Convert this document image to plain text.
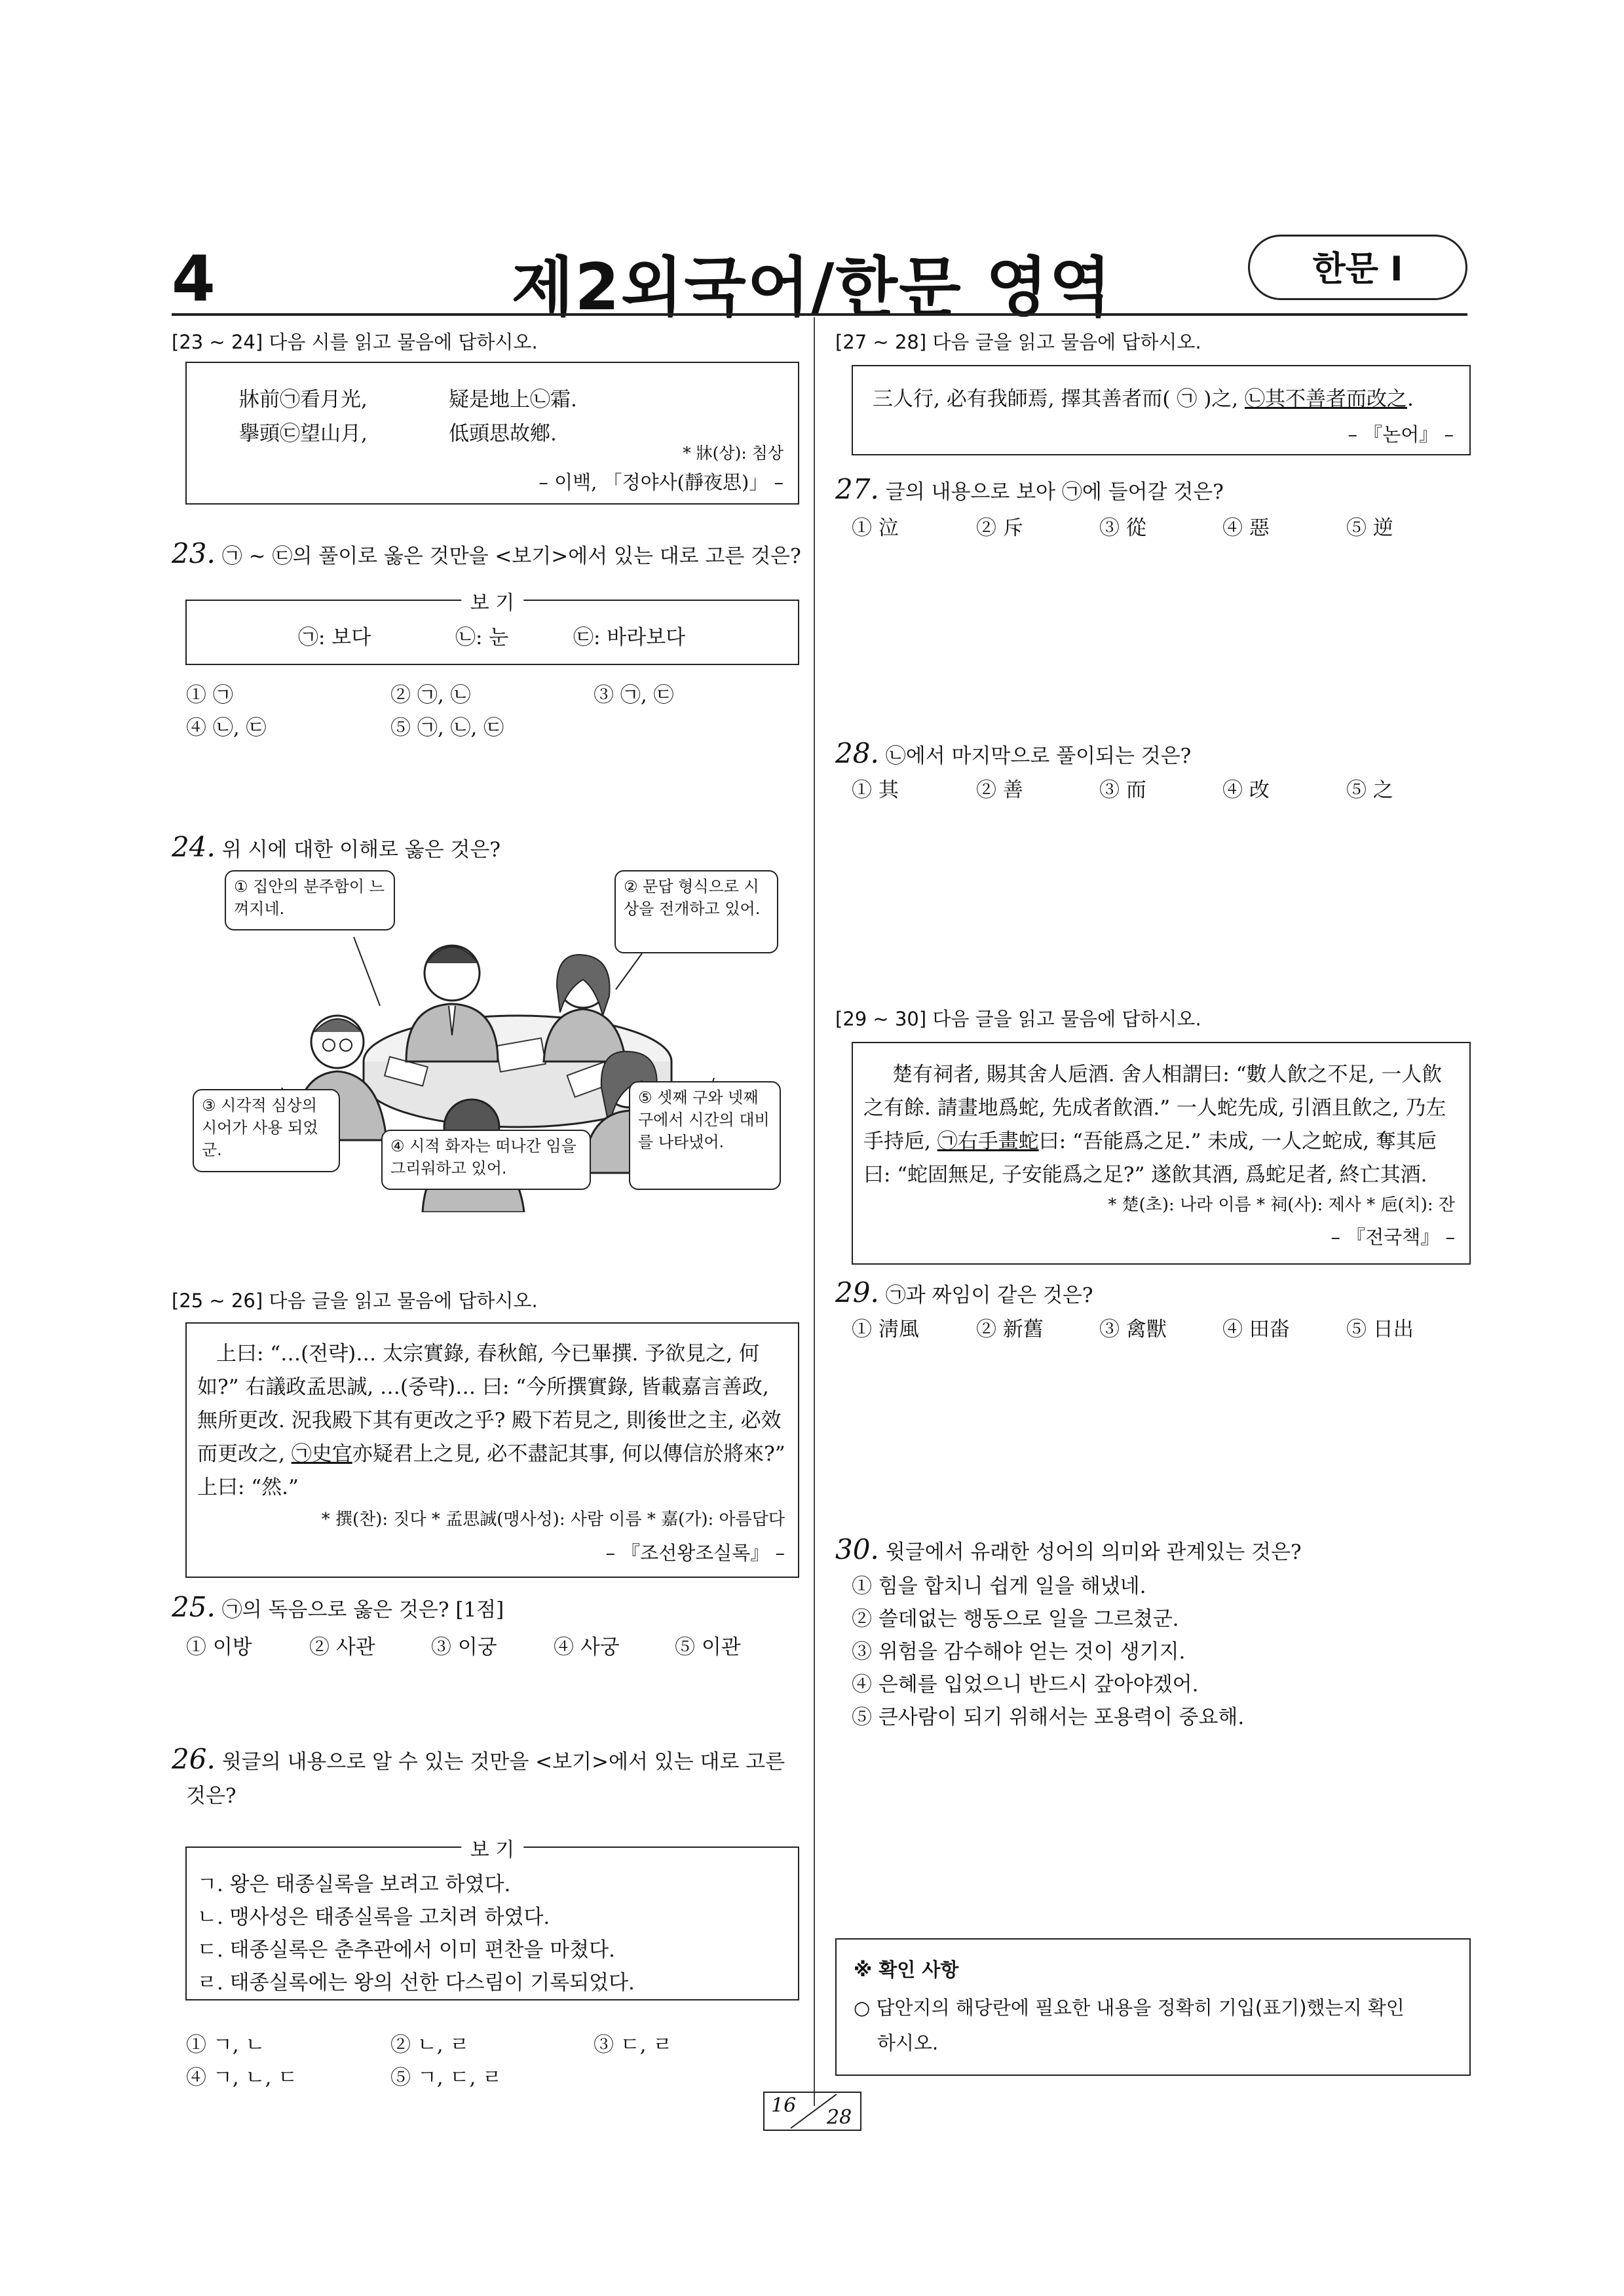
4	제2외국어/한문 영역	한문 Ⅰ
[23 ~ 24] 다음 시를 읽고 물음에 답하시오.
牀前㉠看月光,	疑是地上㉡霜.
擧頭㉢望山月,	低頭思故鄕.
* 牀(상): 침상
– 이백, 「정야사(靜夜思)」 –
23. ㉠ ~ ㉢의 풀이로 옳은 것만을 <보기>에서 있는 대로 고른 것은?
보 기
㉠: 보다	㉡: 눈	㉢: 바라보다
① ㉠	② ㉠, ㉡	③ ㉠, ㉢
④ ㉡, ㉢	⑤ ㉠, ㉡, ㉢
24. 위 시에 대한 이해로 옳은 것은?
① 집안의 분주함이 느껴지네.
② 문답 형식으로 시상을 전개하고 있어.
③ 시각적 심상의 시어가 사용 되었군.	④ 시적 화자는 떠나간 임을 그리워하고 있어.
⑤ 셋째 구와 넷째 구에서 시간의 대비를 나타냈어.
[25 ~ 26] 다음 글을 읽고 물음에 답하시오.
上曰: “…(전략)… 太宗實錄, 春秋館, 今已畢撰. 予欲見之, 何
如?” 右議政孟思誠, …(중략)… 曰: “今所撰實錄, 皆載嘉言善政,
無所更改. 況我殿下其有更改之乎? 殿下若見之, 則後世之主, 必效
而更改之, ㉠史官亦疑君上之見, 必不盡記其事, 何以傳信於將來?”
上曰: “然.”
* 撰(찬): 짓다 * 孟思誠(맹사성): 사람 이름 * 嘉(가): 아름답다
– 『조선왕조실록』 –
25. ㉠의 독음으로 옳은 것은? [1점]
① 이방	② 사관	③ 이궁	④ 사궁	⑤ 이관
26. 윗글의 내용으로 알 수 있는 것만을 <보기>에서 있는 대로 고른
것은?
보 기
ㄱ. 왕은 태종실록을 보려고 하였다.
ㄴ. 맹사성은 태종실록을 고치려 하였다.
ㄷ. 태종실록은 춘추관에서 이미 편찬을 마쳤다.
ㄹ. 태종실록에는 왕의 선한 다스림이 기록되었다.
① ㄱ, ㄴ	② ㄴ, ㄹ	③ ㄷ, ㄹ
④ ㄱ, ㄴ, ㄷ	⑤ ㄱ, ㄷ, ㄹ
[27 ~ 28] 다음 글을 읽고 물음에 답하시오.
三人行, 必有我師焉, 擇其善者而( ㉠ )之, ㉡其不善者而改之.
– 『논어』 –
27. 글의 내용으로 보아 ㉠에 들어갈 것은?
① 泣	② 斥	③ 從	④ 惡	⑤ 逆
28. ㉡에서 마지막으로 풀이되는 것은?
① 其	② 善	③ 而	④ 改	⑤ 之
[29 ~ 30] 다음 글을 읽고 물음에 답하시오.
楚有祠者, 賜其舍人巵酒. 舍人相謂曰: “數人飮之不足, 一人飮
之有餘. 請畫地爲蛇, 先成者飮酒.” 一人蛇先成, 引酒且飮之, 乃左
手持巵, ㉠右手畫蛇曰: “吾能爲之足.” 未成, 一人之蛇成, 奪其巵
曰: “蛇固無足, 子安能爲之足?” 遂飮其酒, 爲蛇足者, 終亡其酒.
* 楚(초): 나라 이름 * 祠(사): 제사 * 巵(치): 잔
– 『전국책』 –
29. ㉠과 짜임이 같은 것은?
① 淸風	② 新舊	③ 禽獸	④ 田畓	⑤ 日出
30. 윗글에서 유래한 성어의 의미와 관계있는 것은?
① 힘을 합치니 쉽게 일을 해냈네.
② 쓸데없는 행동으로 일을 그르쳤군.
③ 위험을 감수해야 얻는 것이 생기지.
④ 은혜를 입었으니 반드시 갚아야겠어.
⑤ 큰사람이 되기 위해서는 포용력이 중요해.
※ 확인 사항
○ 답안지의 해당란에 필요한 내용을 정확히 기입(표기)했는지 확인
하시오.
16
28
